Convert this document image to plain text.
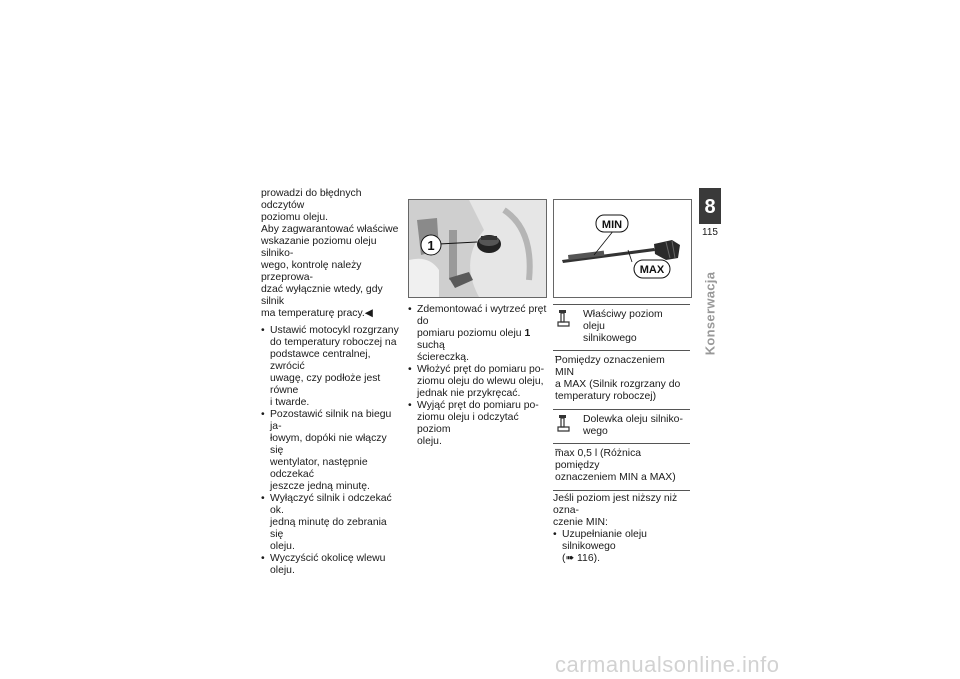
prowadzi do błędnych odczytów
poziomu oleju.
Aby zagwarantować właściwe
wskazanie poziomu oleju silniko-
wego, kontrolę należy przeprowa-
dzać wyłącznie wtedy, gdy silnik
ma temperaturę pracy.◀

• Ustawić motocykl rozgrzany
do temperatury roboczej na
podstawce centralnej, zwrócić
uwagę, czy podłoże jest równe
i twarde.

• Pozostawić silnik na biegu ja-
łowym, dopóki nie włączy się
wentylator, następnie odczekać
jeszcze jedną minutę.

• Wyłączyć silnik i odczekać ok.
jedną minutę do zebrania się
oleju.

• Wyczyścić okolicę wlewu oleju.

1

• Zdemontować i wytrzeć pręt do
pomiaru poziomu oleju 1 suchą
ściereczką.

• Włożyć pręt do pomiaru po-
ziomu oleju do wlewu oleju,
jednak nie przykręcać.

• Wyjąć pręt do pomiaru po-
ziomu oleju i odczytać poziom
oleju.

MIN
MAX
Właściwy poziom oleju
silnikowego
– Pomiędzy oznaczeniem MIN
a MAX (Silnik rozgrzany do
temperatury roboczej)
Dolewka oleju silniko-
wego
– max 0,5 l (Różnica pomiędzy
oznaczeniem MIN a MAX)

Jeśli poziom jest niższy niż ozna-
czenie MIN:

• Uzupełnianie oleju silnikowego
(➠ 116).

8
115
Konserwacja
carmanualsonline.info
